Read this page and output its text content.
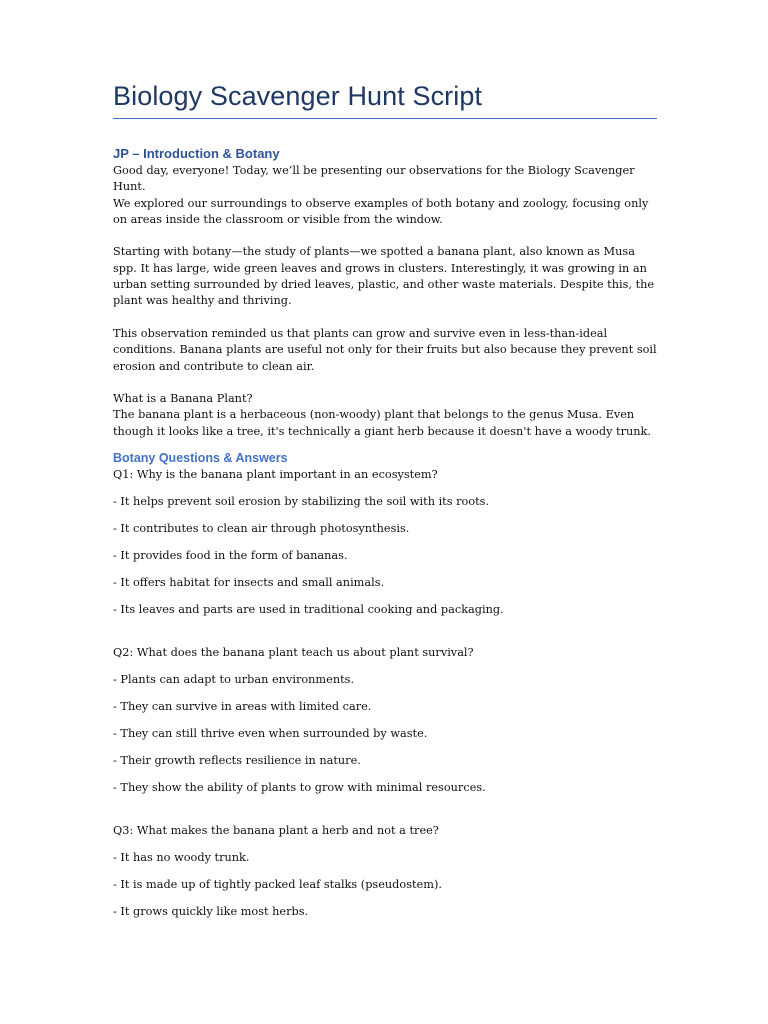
Biology Scavenger Hunt Script
JP – Introduction & Botany

Good day, everyone! Today, we’ll be presenting our observations for the Biology Scavenger Hunt.

We explored our surroundings to observe examples of both botany and zoology, focusing only on areas inside the classroom or visible from the window.

Starting with botany—the study of plants—we spotted a banana plant, also known as Musa spp. It has large, wide green leaves and grows in clusters. Interestingly, it was growing in an urban setting surrounded by dried leaves, plastic, and other waste materials. Despite this, the plant was healthy and thriving.

This observation reminded us that plants can grow and survive even in less-than-ideal conditions. Banana plants are useful not only for their fruits but also because they prevent soil erosion and contribute to clean air.

What is a Banana Plant?

The banana plant is a herbaceous (non-woody) plant that belongs to the genus Musa. Even though it looks like a tree, it's technically a giant herb because it doesn't have a woody trunk.

Botany Questions & Answers

Q1: Why is the banana plant important in an ecosystem?

- It helps prevent soil erosion by stabilizing the soil with its roots.

- It contributes to clean air through photosynthesis.

- It provides food in the form of bananas.

- It offers habitat for insects and small animals.

- Its leaves and parts are used in traditional cooking and packaging.

Q2: What does the banana plant teach us about plant survival?

- Plants can adapt to urban environments.

- They can survive in areas with limited care.

- They can still thrive even when surrounded by waste.

- Their growth reflects resilience in nature.

- They show the ability of plants to grow with minimal resources.

Q3: What makes the banana plant a herb and not a tree?

- It has no woody trunk.

- It is made up of tightly packed leaf stalks (pseudostem).

- It grows quickly like most herbs.
